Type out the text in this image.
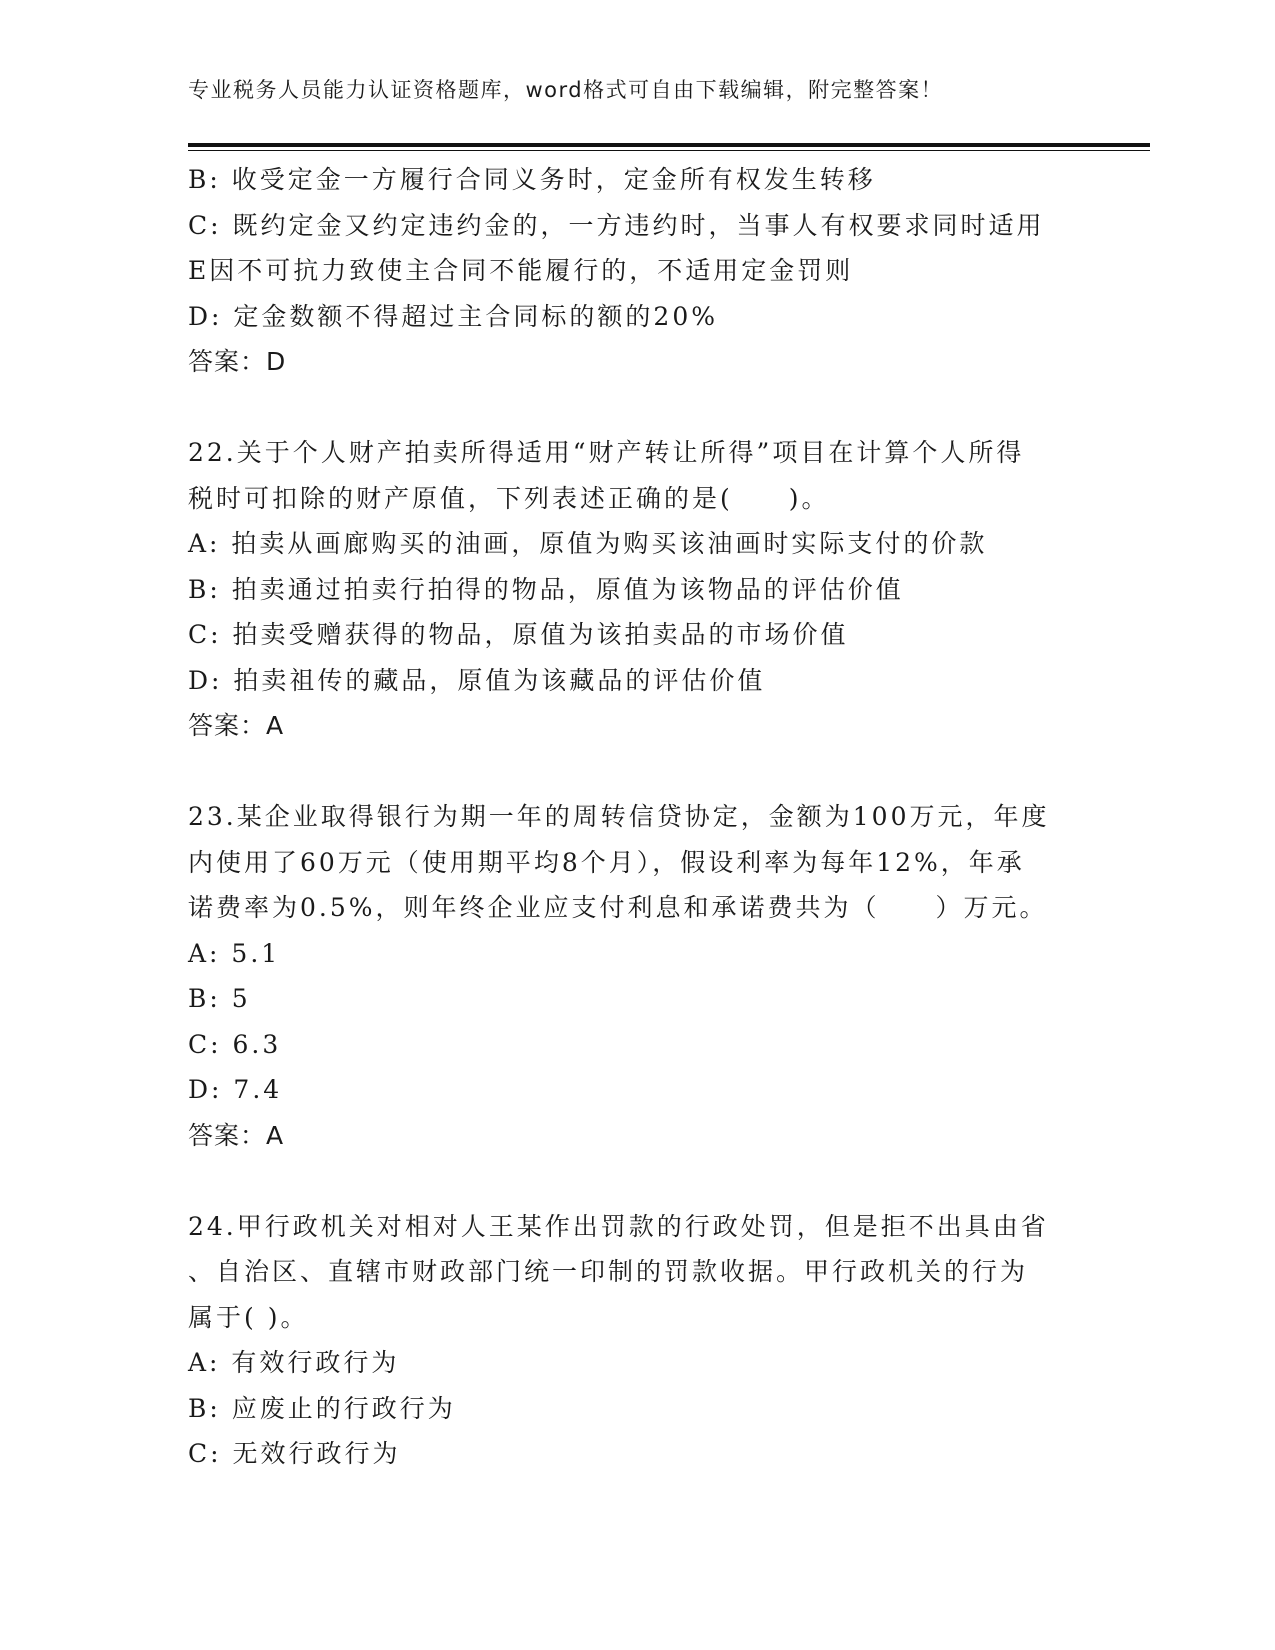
专业税务人员能力认证资格题库，word格式可自由下载编辑，附完整答案！
B: 收受定金一方履行合同义务时，定金所有权发生转移
C: 既约定金又约定违约金的，一方违约时，当事人有权要求同时适用
E因不可抗力致使主合同不能履行的，不适用定金罚则
D: 定金数额不得超过主合同标的额的20%
答案：D
22.关于个人财产拍卖所得适用“财产转让所得”项目在计算个人所得
税时可扣除的财产原值，下列表述正确的是(　　)。
A: 拍卖从画廊购买的油画，原值为购买该油画时实际支付的价款
B: 拍卖通过拍卖行拍得的物品，原值为该物品的评估价值
C: 拍卖受赠获得的物品，原值为该拍卖品的市场价值
D: 拍卖祖传的藏品，原值为该藏品的评估价值
答案：A
23.某企业取得银行为期一年的周转信贷协定，金额为100万元，年度
内使用了60万元（使用期平均8个月），假设利率为每年12%，年承
诺费率为0.5%，则年终企业应支付利息和承诺费共为（　　）万元。
A: 5.1
B: 5
C: 6.3
D: 7.4
答案：A
24.甲行政机关对相对人王某作出罚款的行政处罚，但是拒不出具由省
、自治区、直辖市财政部门统一印制的罚款收据。甲行政机关的行为
属于( )。
A: 有效行政行为
B: 应废止的行政行为
C: 无效行政行为
